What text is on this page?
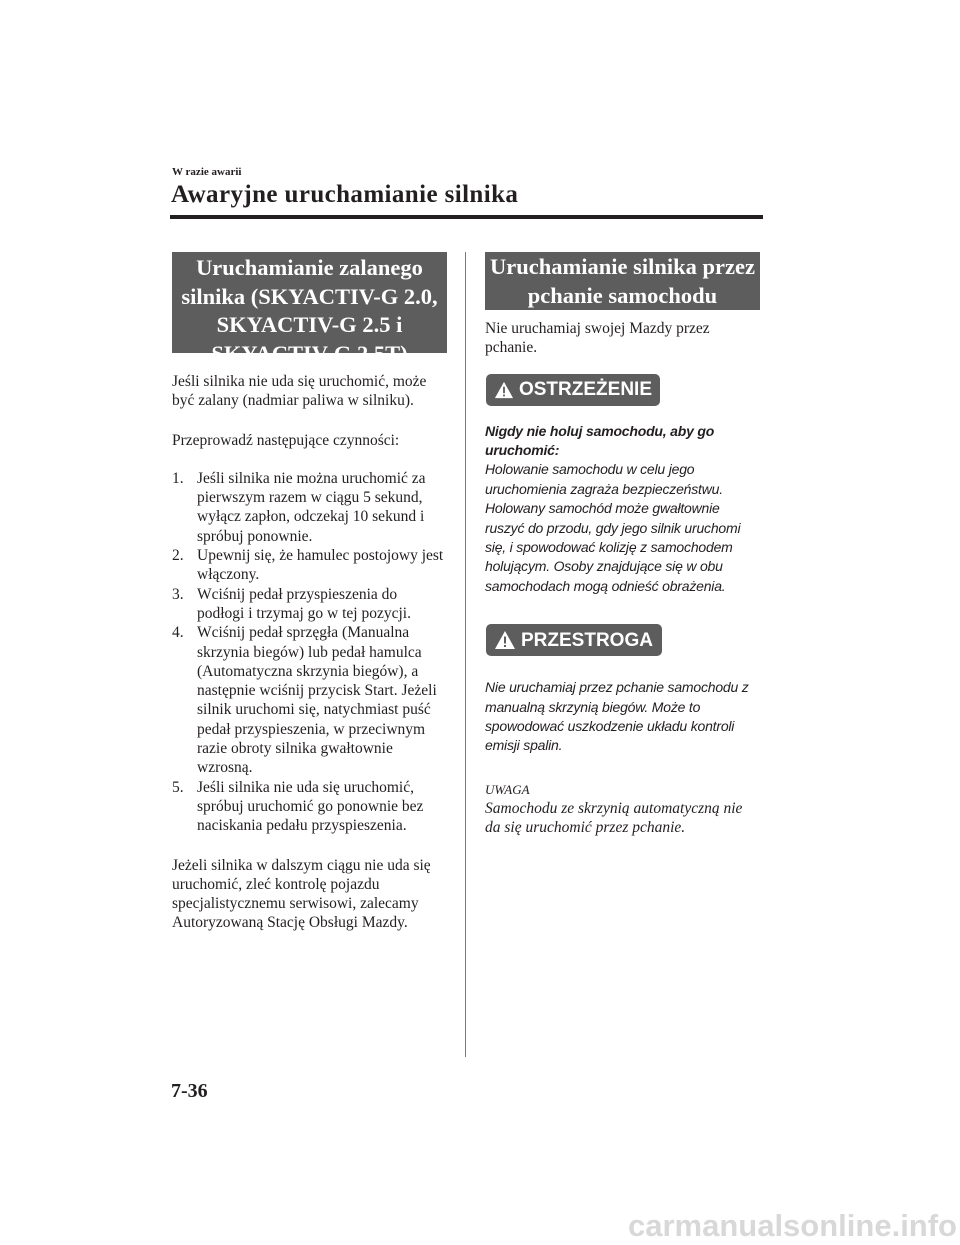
W razie awarii
Awaryjne uruchamianie silnika
Uruchamianie zalanego silnika (SKYACTIV-G 2.0, SKYACTIV-G 2.5 i SKYACTIV-G 2.5T)

Jeśli silnika nie uda się uruchomić, może być zalany (nadmiar paliwa w silniku).

Przeprowadź następujące czynności:

1. Jeśli silnika nie można uruchomić za pierwszym razem w ciągu 5 sekund, wyłącz zapłon, odczekaj 10 sekund i spróbuj ponownie.
2. Upewnij się, że hamulec postojowy jest włączony.
3. Wciśnij pedał przyspieszenia do podłogi i trzymaj go w tej pozycji.
4. Wciśnij pedał sprzęgła (Manualna skrzynia biegów) lub pedał hamulca (Automatyczna skrzynia biegów), a następnie wciśnij przycisk Start. Jeżeli silnik uruchomi się, natychmiast puść pedał przyspieszenia, w przeciwnym razie obroty silnika gwałtownie wzrosną.
5. Jeśli silnika nie uda się uruchomić, spróbuj uruchomić go ponownie bez naciskania pedału przyspieszenia.

Jeżeli silnika w dalszym ciągu nie uda się uruchomić, zleć kontrolę pojazdu specjalistycznemu serwisowi, zalecamy Autoryzowaną Stację Obsługi Mazdy.

Uruchamianie silnika przez pchanie samochodu

Nie uruchamiaj swojej Mazdy przez pchanie.

OSTRZEŻENIE

Nigdy nie holuj samochodu, aby go uruchomić:

Holowanie samochodu w celu jego uruchomienia zagraża bezpieczeństwu. Holowany samochód może gwałtownie ruszyć do przodu, gdy jego silnik uruchomi się, i spowodować kolizję z samochodem holującym. Osoby znajdujące się w obu samochodach mogą odnieść obrażenia.

PRZESTROGA

Nie uruchamiaj przez pchanie samochodu z manualną skrzynią biegów. Może to spowodować uszkodzenie układu kontroli emisji spalin.

UWAGA

Samochodu ze skrzynią automatyczną nie da się uruchomić przez pchanie.

7-36
carmanualsonline.info
